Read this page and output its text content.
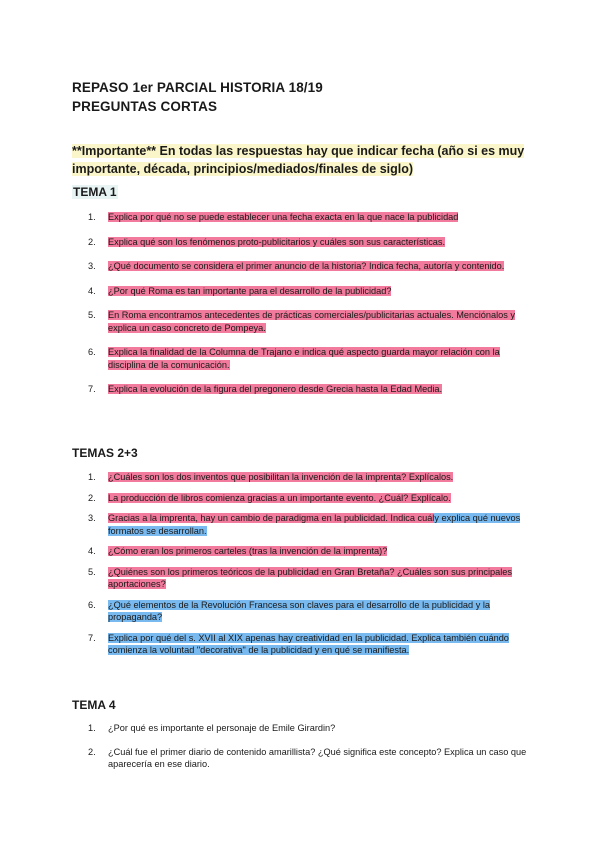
REPASO 1er PARCIAL HISTORIA 18/19
PREGUNTAS CORTAS
**Importante** En todas las respuestas hay que indicar fecha (año si es muy importante, década, principios/mediados/finales de siglo)
TEMA 1
1.	Explica por qué no se puede establecer una fecha exacta en la que nace la publicidad
2.	Explica qué son los fenómenos proto-publicitarios y cuáles son sus características.
3.	¿Qué documento se considera el primer anuncio de la historia? Indica fecha, autoría y contenido.
4.	¿Por qué Roma es tan importante para el desarrollo de la publicidad?
5.	En Roma encontramos antecedentes de prácticas comerciales/publicitarias actuales. Menciónalos y explica un caso concreto de Pompeya.
6.	Explica la finalidad de la Columna de Trajano e indica qué aspecto guarda mayor relación con la disciplina de la comunicación.
7.	Explica la evolución de la figura del pregonero desde Grecia hasta la Edad Media.
TEMAS 2+3
1.	¿Cuáles son los dos inventos que posibilitan la invención de la imprenta? Explícalos.
2.	La producción de libros comienza gracias a un importante evento. ¿Cuál? Explícalo.
3.	Gracias a la imprenta, hay un cambio de paradigma en la publicidad. Indica cuály explica qué nuevos formatos se desarrollan.
4.	¿Cómo eran los primeros carteles (tras la invención de la imprenta)?
5.	¿Quiénes son los primeros teóricos de la publicidad en Gran Bretaña? ¿Cuáles son sus principales aportaciones?
6.	¿Qué elementos de la Revolución Francesa son claves para el desarrollo de la publicidad y la propaganda?
7.	Explica por qué del s. XVII al XIX apenas hay creatividad en la publicidad. Explica también cuándo comienza la voluntad "decorativa" de la publicidad y en qué se manifiesta.
TEMA 4
1.	¿Por qué es importante el personaje de Emile Girardin?
2.	¿Cuál fue el primer diario de contenido amarillista? ¿Qué significa este concepto? Explica un caso que aparecería en ese diario.
